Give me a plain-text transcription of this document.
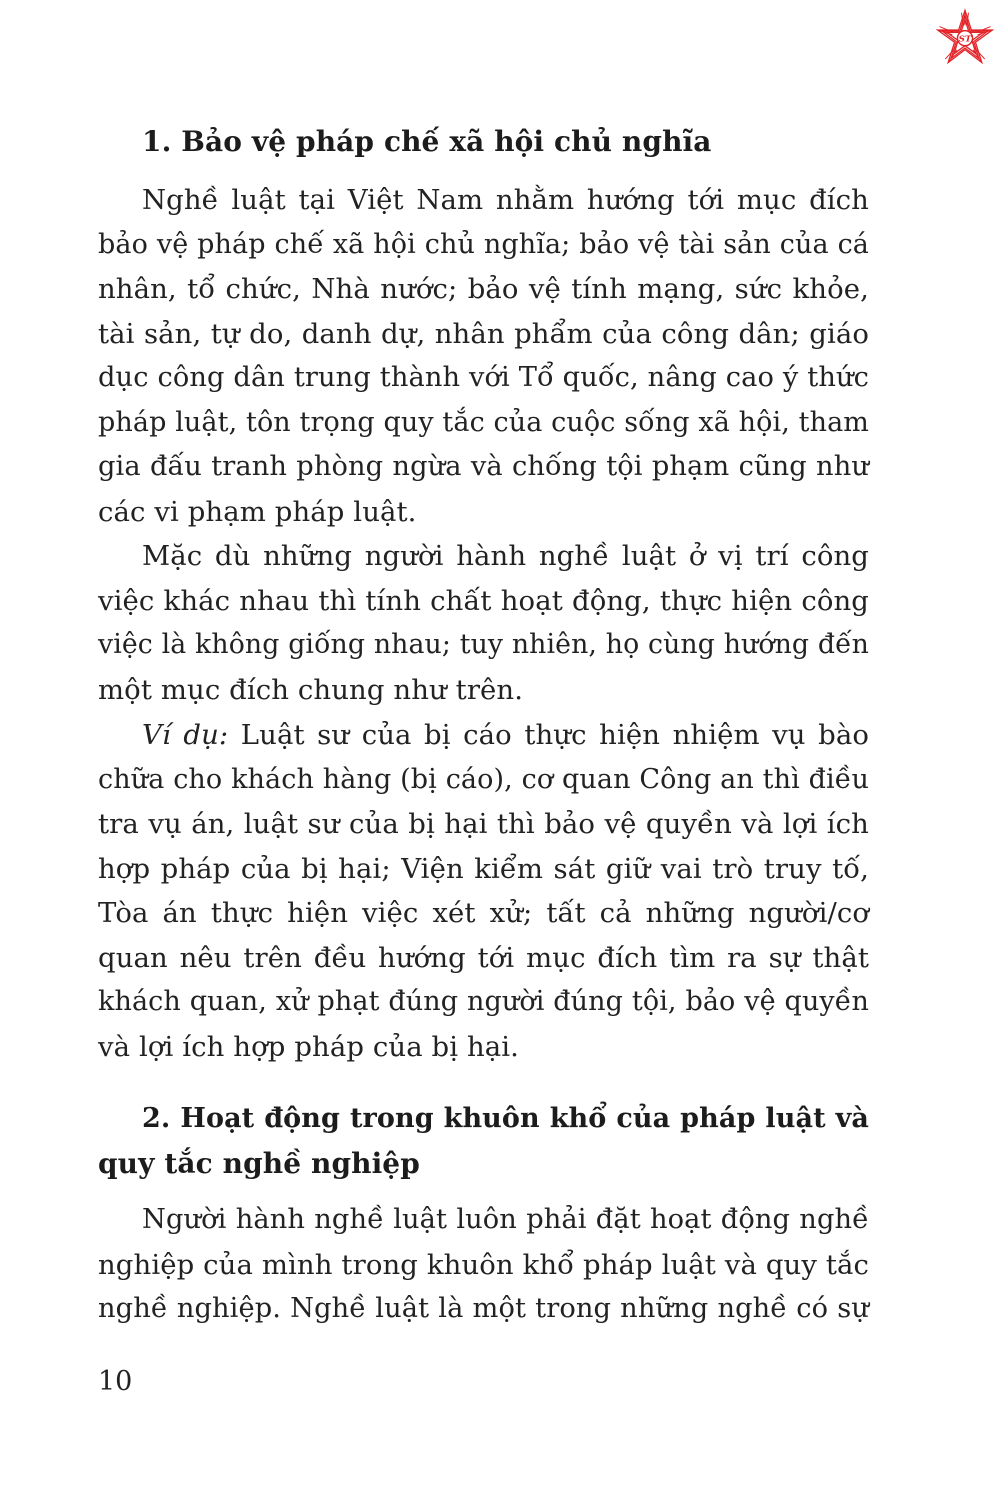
ST
1. Bảo vệ pháp chế xã hội chủ nghĩa
Nghề luật tại Việt Nam nhằm hướng tới mục đích
bảo vệ pháp chế xã hội chủ nghĩa; bảo vệ tài sản của cá
nhân, tổ chức, Nhà nước; bảo vệ tính mạng, sức khỏe,
tài sản, tự do, danh dự, nhân phẩm của công dân; giáo
dục công dân trung thành với Tổ quốc, nâng cao ý thức
pháp luật, tôn trọng quy tắc của cuộc sống xã hội, tham
gia đấu tranh phòng ngừa và chống tội phạm cũng như
các vi phạm pháp luật.
Mặc dù những người hành nghề luật ở vị trí công
việc khác nhau thì tính chất hoạt động, thực hiện công
việc là không giống nhau; tuy nhiên, họ cùng hướng đến
một mục đích chung như trên.
Ví dụ: Luật sư của bị cáo thực hiện nhiệm vụ bào
chữa cho khách hàng (bị cáo), cơ quan Công an thì điều
tra vụ án, luật sư của bị hại thì bảo vệ quyền và lợi ích
hợp pháp của bị hại; Viện kiểm sát giữ vai trò truy tố,
Tòa án thực hiện việc xét xử; tất cả những người/cơ
quan nêu trên đều hướng tới mục đích tìm ra sự thật
khách quan, xử phạt đúng người đúng tội, bảo vệ quyền
và lợi ích hợp pháp của bị hại.
2. Hoạt động trong khuôn khổ của pháp luật và
quy tắc nghề nghiệp
Người hành nghề luật luôn phải đặt hoạt động nghề
nghiệp của mình trong khuôn khổ pháp luật và quy tắc
nghề nghiệp. Nghề luật là một trong những nghề có sự
10
